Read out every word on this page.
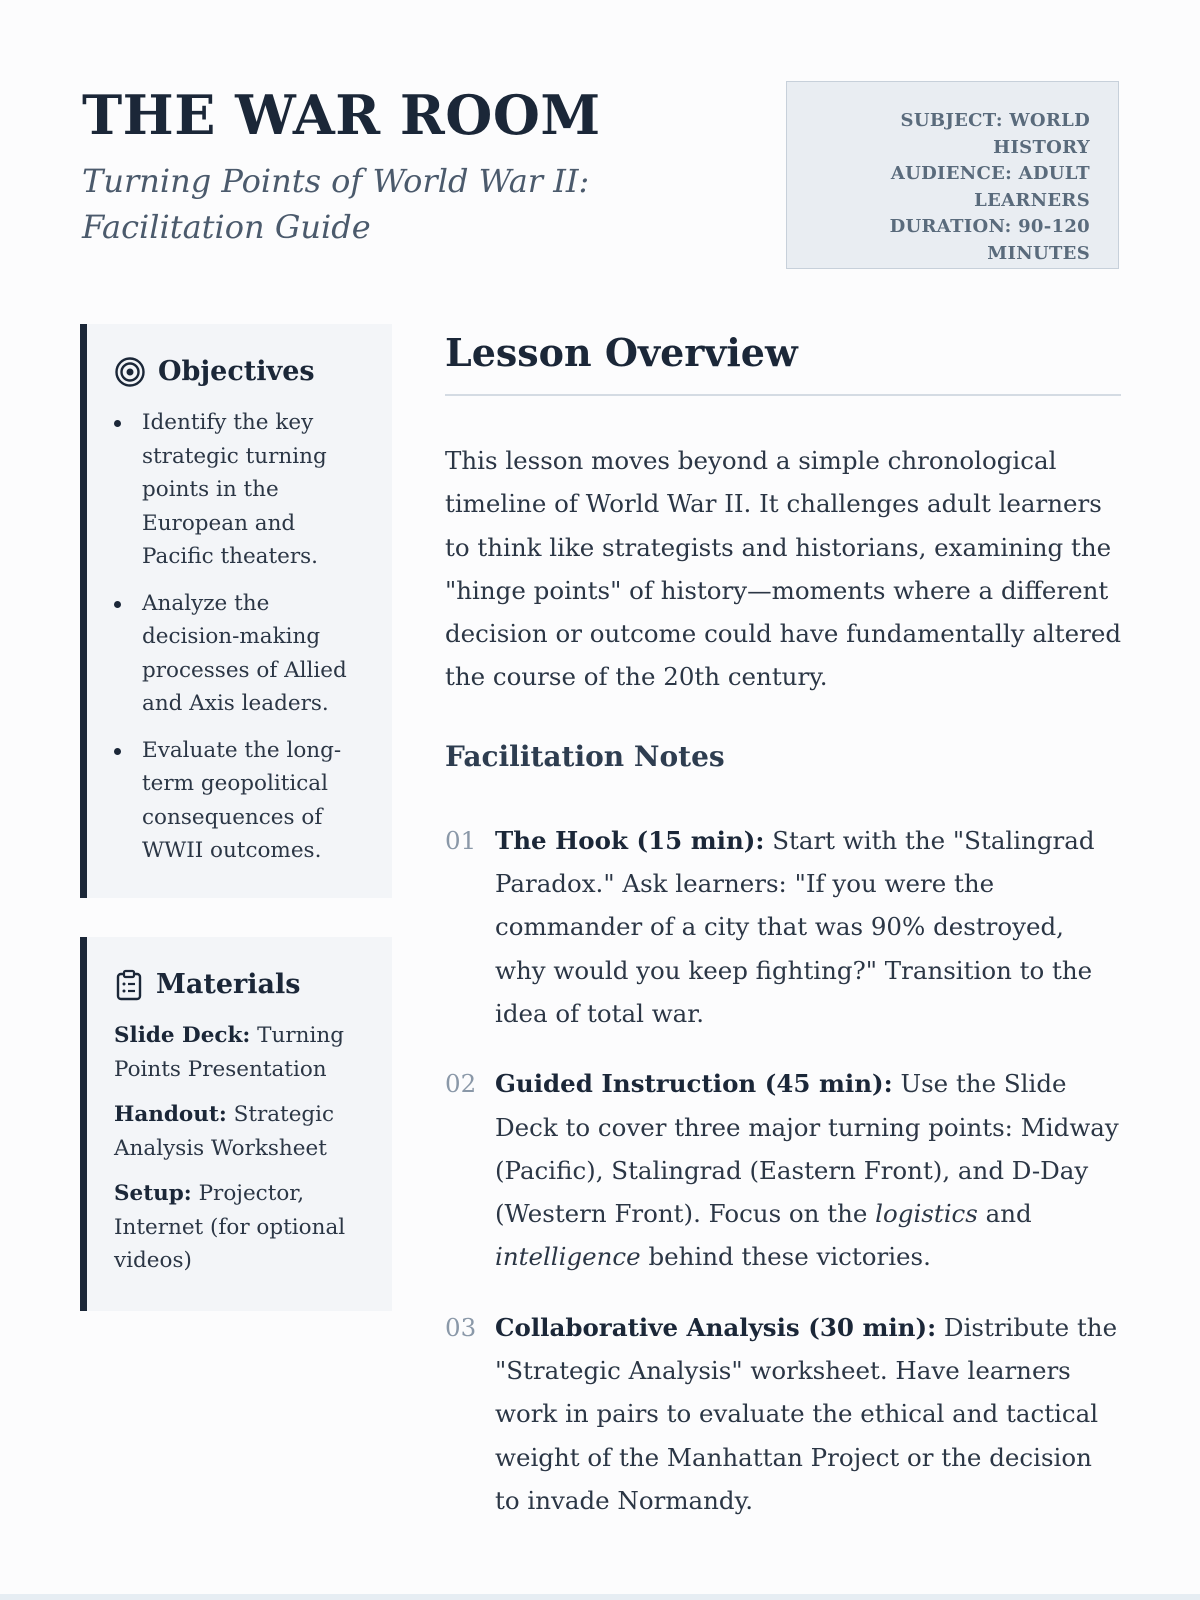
THE WAR ROOM

Turning Points of World War II: Facilitation Guide

SUBJECT: WORLD HISTORY
AUDIENCE: ADULT
LEARNERS
DURATION: 90-120
MINUTES
Objectives
Identify the key strategic turning points in the European and Pacific theaters.
Analyze the decision-making processes of Allied and Axis leaders.
Evaluate the long-term geopolitical consequences of WWII outcomes.
Materials
Slide Deck: Turning Points Presentation
Handout: Strategic Analysis Worksheet
Setup: Projector, Internet (for optional videos)
Lesson Overview

This lesson moves beyond a simple chronological timeline of World War II. It challenges adult learners to think like strategists and historians, examining the "hinge points" of history—moments where a different decision or outcome could have fundamentally altered the course of the 20th century.

Facilitation Notes
01 The Hook (15 min): Start with the "Stalingrad Paradox." Ask learners: "If you were the commander of a city that was 90% destroyed, why would you keep fighting?" Transition to the idea of total war.
02 Guided Instruction (45 min): Use the Slide Deck to cover three major turning points: Midway (Pacific), Stalingrad (Eastern Front), and D-Day (Western Front). Focus on the logistics and intelligence behind these victories.
03 Collaborative Analysis (30 min): Distribute the "Strategic Analysis" worksheet. Have learners work in pairs to evaluate the ethical and tactical weight of the Manhattan Project or the decision to invade Normandy.
